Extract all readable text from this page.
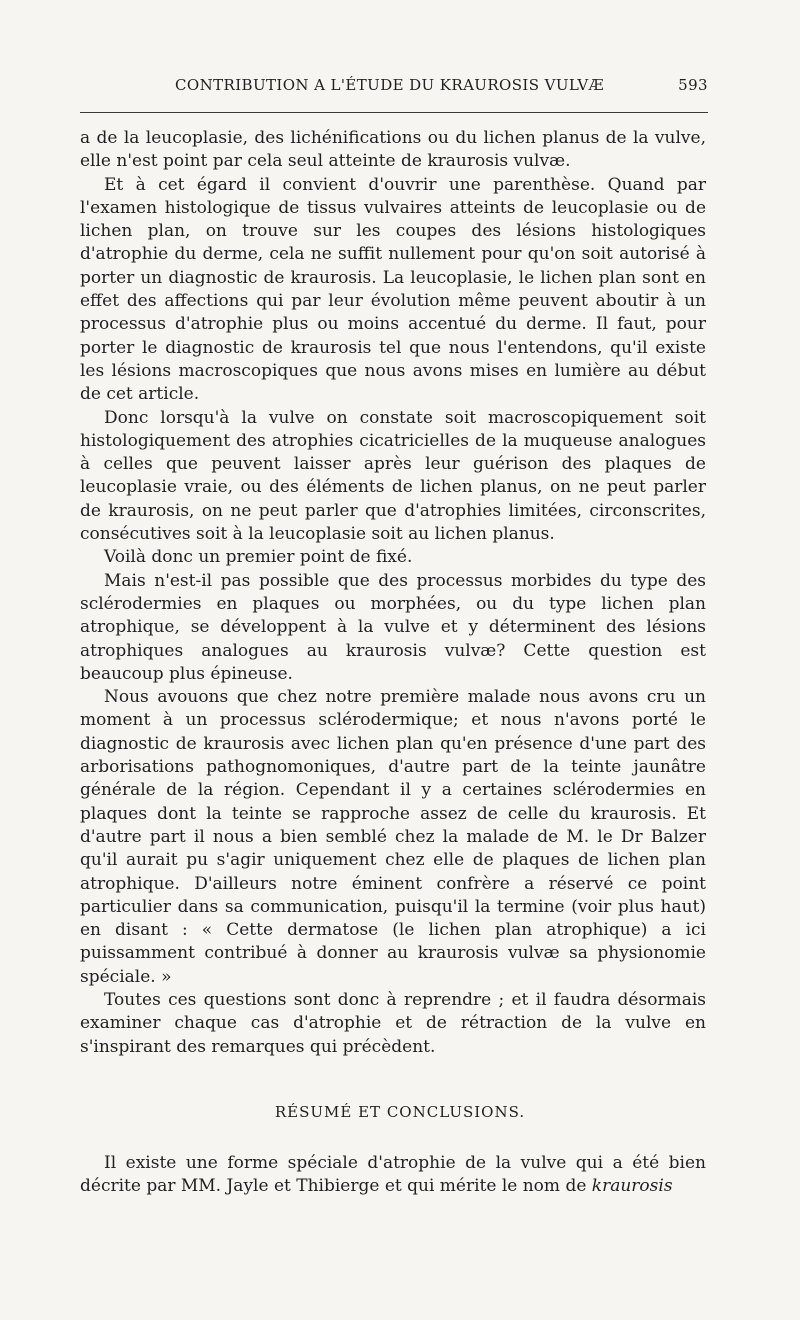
CONTRIBUTION A L'ÉTUDE DU KRAUROSIS VULVÆ	593

a de la leucoplasie, des lichénifications ou du lichen planus de la vulve, elle n'est point par cela seul atteinte de kraurosis vulvæ.

Et à cet égard il convient d'ouvrir une parenthèse. Quand par l'examen histologique de tissus vulvaires atteints de leucoplasie ou de lichen plan, on trouve sur les coupes des lésions histologiques d'atrophie du derme, cela ne suffit nullement pour qu'on soit autorisé à porter un diagnostic de kraurosis. La leucoplasie, le lichen plan sont en effet des affections qui par leur évolution même peuvent aboutir à un processus d'atrophie plus ou moins accentué du derme. Il faut, pour porter le diagnostic de kraurosis tel que nous l'entendons, qu'il existe les lésions macroscopiques que nous avons mises en lumière au début de cet article.

Donc lorsqu'à la vulve on constate soit macroscopiquement soit histologiquement des atrophies cicatricielles de la muqueuse analogues à celles que peuvent laisser après leur guérison des plaques de leucoplasie vraie, ou des éléments de lichen planus, on ne peut parler de kraurosis, on ne peut parler que d'atrophies limitées, circonscrites, consécutives soit à la leucoplasie soit au lichen planus.

Voilà donc un premier point de fixé.

Mais n'est-il pas possible que des processus morbides du type des sclérodermies en plaques ou morphées, ou du type lichen plan atrophique, se développent à la vulve et y déterminent des lésions atrophiques analogues au kraurosis vulvæ? Cette question est beaucoup plus épineuse.

Nous avouons que chez notre première malade nous avons cru un moment à un processus sclérodermique; et nous n'avons porté le diagnostic de kraurosis avec lichen plan qu'en présence d'une part des arborisations pathognomoniques, d'autre part de la teinte jaunâtre générale de la région. Cependant il y a certaines sclérodermies en plaques dont la teinte se rapproche assez de celle du kraurosis. Et d'autre part il nous a bien semblé chez la malade de M. le Dr Balzer qu'il aurait pu s'agir uniquement chez elle de plaques de lichen plan atrophique. D'ailleurs notre éminent confrère a réservé ce point particulier dans sa communication, puisqu'il la termine (voir plus haut) en disant : « Cette dermatose (le lichen plan atrophique) a ici puissamment contribué à donner au kraurosis vulvæ sa physionomie spéciale. »

Toutes ces questions sont donc à reprendre ; et il faudra désormais examiner chaque cas d'atrophie et de rétraction de la vulve en s'inspirant des remarques qui précèdent.

RÉSUMÉ ET CONCLUSIONS.

Il existe une forme spéciale d'atrophie de la vulve qui a été bien décrite par MM. Jayle et Thibierge et qui mérite le nom de kraurosis
